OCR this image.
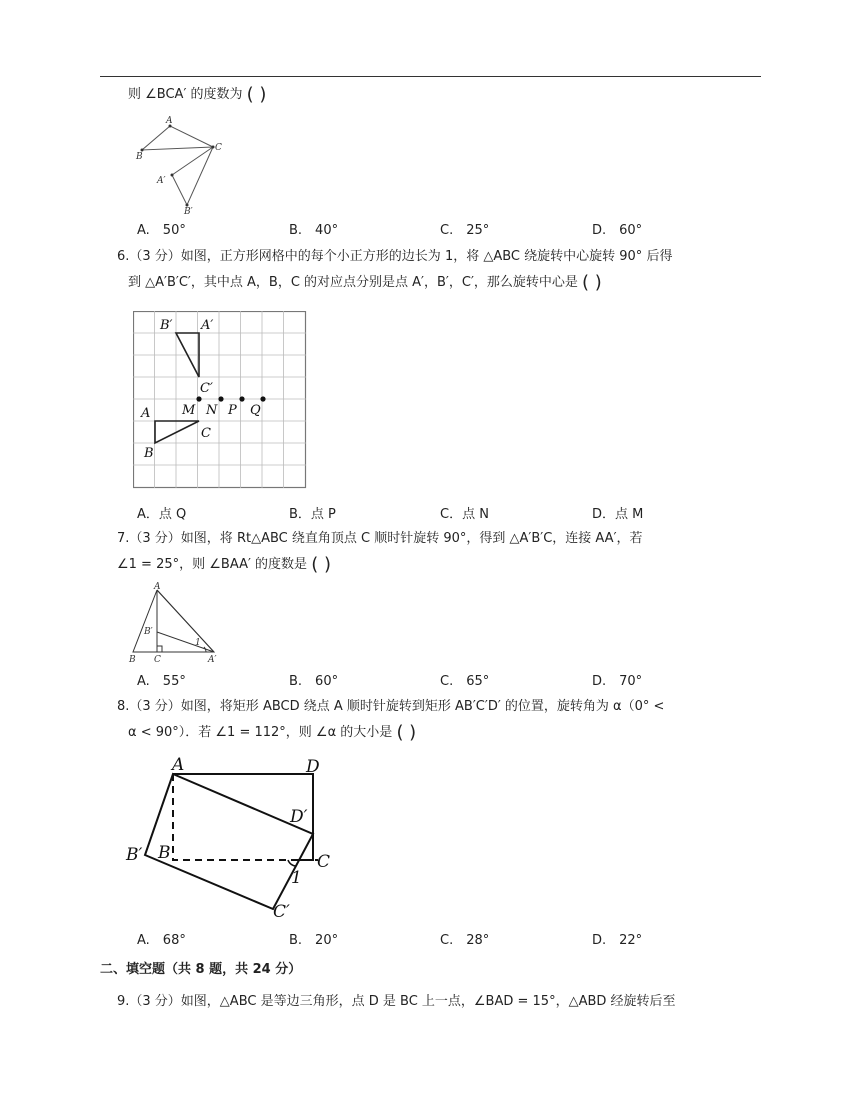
则 ∠BCA′ 的度数为 ( )
A
B
C
A′
B′
A.　50°	B.　40°	C.　25°	D.　60°
6.（3 分）如图，正方形网格中的每个小正方形的边长为 1，将 △ABC 绕旋转中心旋转 90° 后得
到 △A′B′C′，其中点 A，B，C 的对应点分别是点 A′，B′，C′，那么旋转中心是 ( )
B′ A′
C′
M N P Q
A
C
B
A．点 Q	B．点 P	C．点 N	D．点 M
7.（3 分）如图，将 Rt△ABC 绕直角顶点 C 顺时针旋转 90°，得到 △A′B′C，连接 AA′，若
∠1 = 25°，则 ∠BAA′ 的度数是 ( )
A
B′
1
B C	A′
A.　55°	B.　60°	C.　65°	D.　70°
8.（3 分）如图，将矩形 ABCD 绕点 A 顺时针旋转到矩形 AB′C′D′ 的位置，旋转角为 α（0° <
α < 90°）．若 ∠1 = 112°，则 ∠α 的大小是 ( )
A	D
D′
B′ B	C
1
C′
A.　68°	B.　20°	C.　28°	D.　22°
二、填空题（共 8 题，共 24 分）
9.（3 分）如图，△ABC 是等边三角形，点 D 是 BC 上一点，∠BAD = 15°，△ABD 经旋转后至
